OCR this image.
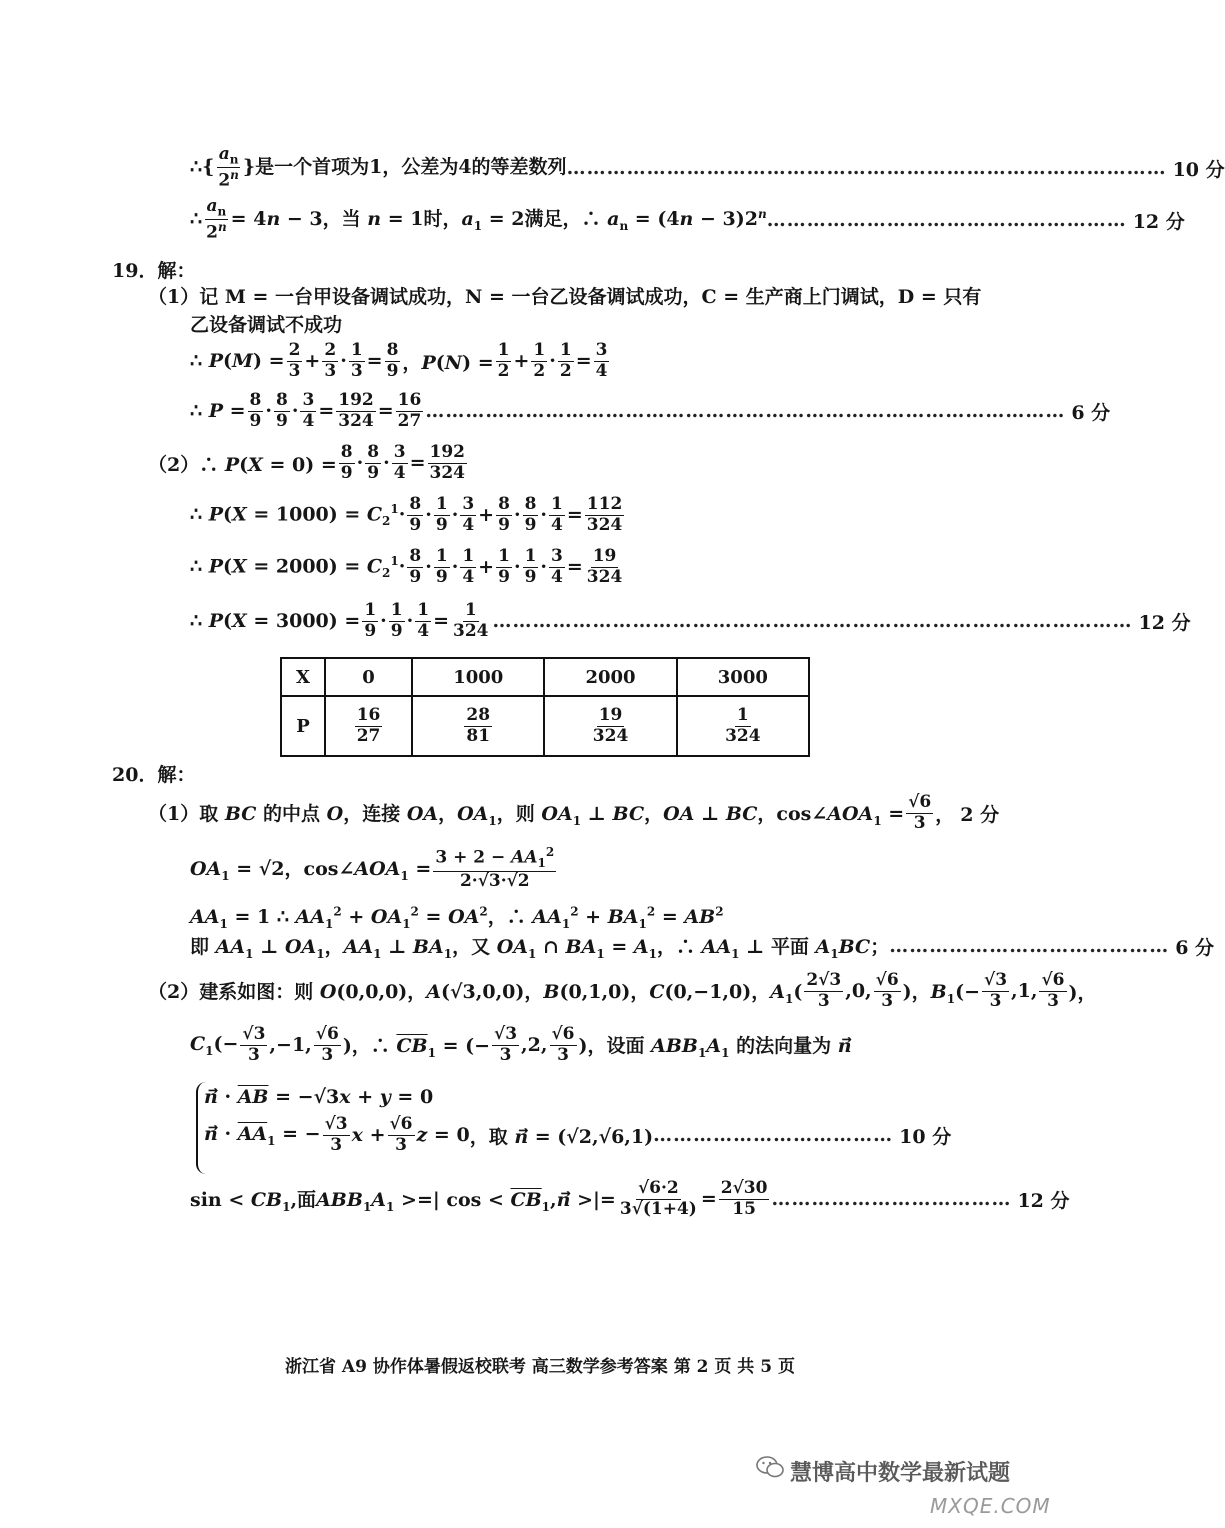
∴{ $\frac{a_n}{2^n}$ }是一个首项为1，公差为4的等差数列 ……………………………………………………………………………… 10 分
∴ $\frac{a_n}{2^n} = 4n - 3$，当 n = 1时，$a_1 = 2$满足，∴ $a_n = (4n - 3)2^n$ ……………………………………………… 12 分
19．解：
（1）记 M = 一台甲设备调试成功，N = 一台乙设备调试成功，C = 生产商上门调试，D = 只有
乙设备调试不成功
∴ $P(M) = \frac{2}{3} + \frac{2}{3} \cdot \frac{1}{3} = \frac{8}{9}$ ，$P(N) = \frac{1}{2} + \frac{1}{2} \cdot \frac{1}{2} = \frac{3}{4}$
∴ $P = \frac{8}{9} \cdot \frac{8}{9} \cdot \frac{3}{4} = \frac{192}{324} = \frac{16}{27}$ …………………………………………………………………………………… 6 分
（2）∴ $P(X = 0) = \frac{8}{9} \cdot \frac{8}{9} \cdot \frac{3}{4} = \frac{192}{324}$
∴ $P(X = 1000) = C_2^1\cdot \frac{8}{9} \cdot \frac{1}{9} \cdot \frac{3}{4} + \frac{8}{9} \cdot \frac{8}{9} \cdot \frac{1}{4} = \frac{112}{324}$
∴ $P(X = 2000) = C_2^1\cdot \frac{8}{9} \cdot \frac{1}{9} \cdot \frac{1}{4} + \frac{1}{9} \cdot \frac{1}{9} \cdot \frac{3}{4} = \frac{19}{324}$
∴ $P(X = 3000) = \frac{1}{9} \cdot \frac{1}{9} \cdot \frac{1}{4} = \frac{1}{324}$ …………………………………………………………………………………… 12 分
X	0	1000	2000	3000
P	$\frac{16}{27}$	$\frac{28}{81}$	$\frac{19}{324}$	$\frac{1}{324}$
20．解：
（1）取 BC 的中点 O，连接 OA，$OA_1$，则 $OA_1$ ⊥ BC，OA ⊥ BC，$\cos\angle AOA_1 = \frac{√6}{3}$ ， 2 分
$OA_1 = √2$，$\cos\angle AOA_1 = \frac{3 + 2 - AA_1^2}{2\cdot√3\cdot√2}$
$AA_1 = 1$ ∴ $AA_1^2 + OA_1^2 = OA^2$，∴ $AA_1^2 + BA_1^2 = AB^2$
即 $AA_1$ ⊥ $OA_1$，$AA_1$ ⊥ $BA_1$，又 $OA_1$ ∩ $BA_1 = A_1$，∴ $AA_1$ ⊥ 平面 $A_1BC$； …………………………………… 6 分
（2）建系如图：则 O(0,0,0)，A(√3,0,0)，B(0,1,0)，C(0,−1,0)，$A_1( \frac{2√3}{3} ,0$, $\frac{√6}{3}$ )，$B_1(- \frac{√3}{3} ,1$, $\frac{√6}{3}$ )，
$C_1(- \frac{√3}{3} ,-1$, $\frac{√6}{3}$ )，∴ $\overline{CB}_1$ = (− $\frac{√3}{3} ,2$, $\frac{√6}{3}$ )，设面 $ABB_1A_1$ 的法向量为 n
n⃗ · $\overline{AB} = -√3x + y = 0$
n⃗ · $\overline{AA}_1$ = − $\frac{√3}{3}$ $x + \frac{√6}{3}$ z = 0 ，取 n⃗ = (√2,√6,1) ……………………………… 10 分
$\sin < CB_1$,面$ABB_1A_1$ >=| $\cos < \overline{CB}_1,n⃗$ >|= $\frac{√6\cdot 2}{3√(1+4)} = \frac{2√30}{15}$ ……………………………… 12 分
浙江省 A9 协作体暑假返校联考 高三数学参考答案 第 2 页 共 5 页
慧博高中数学最新试题
MXQE.COM
